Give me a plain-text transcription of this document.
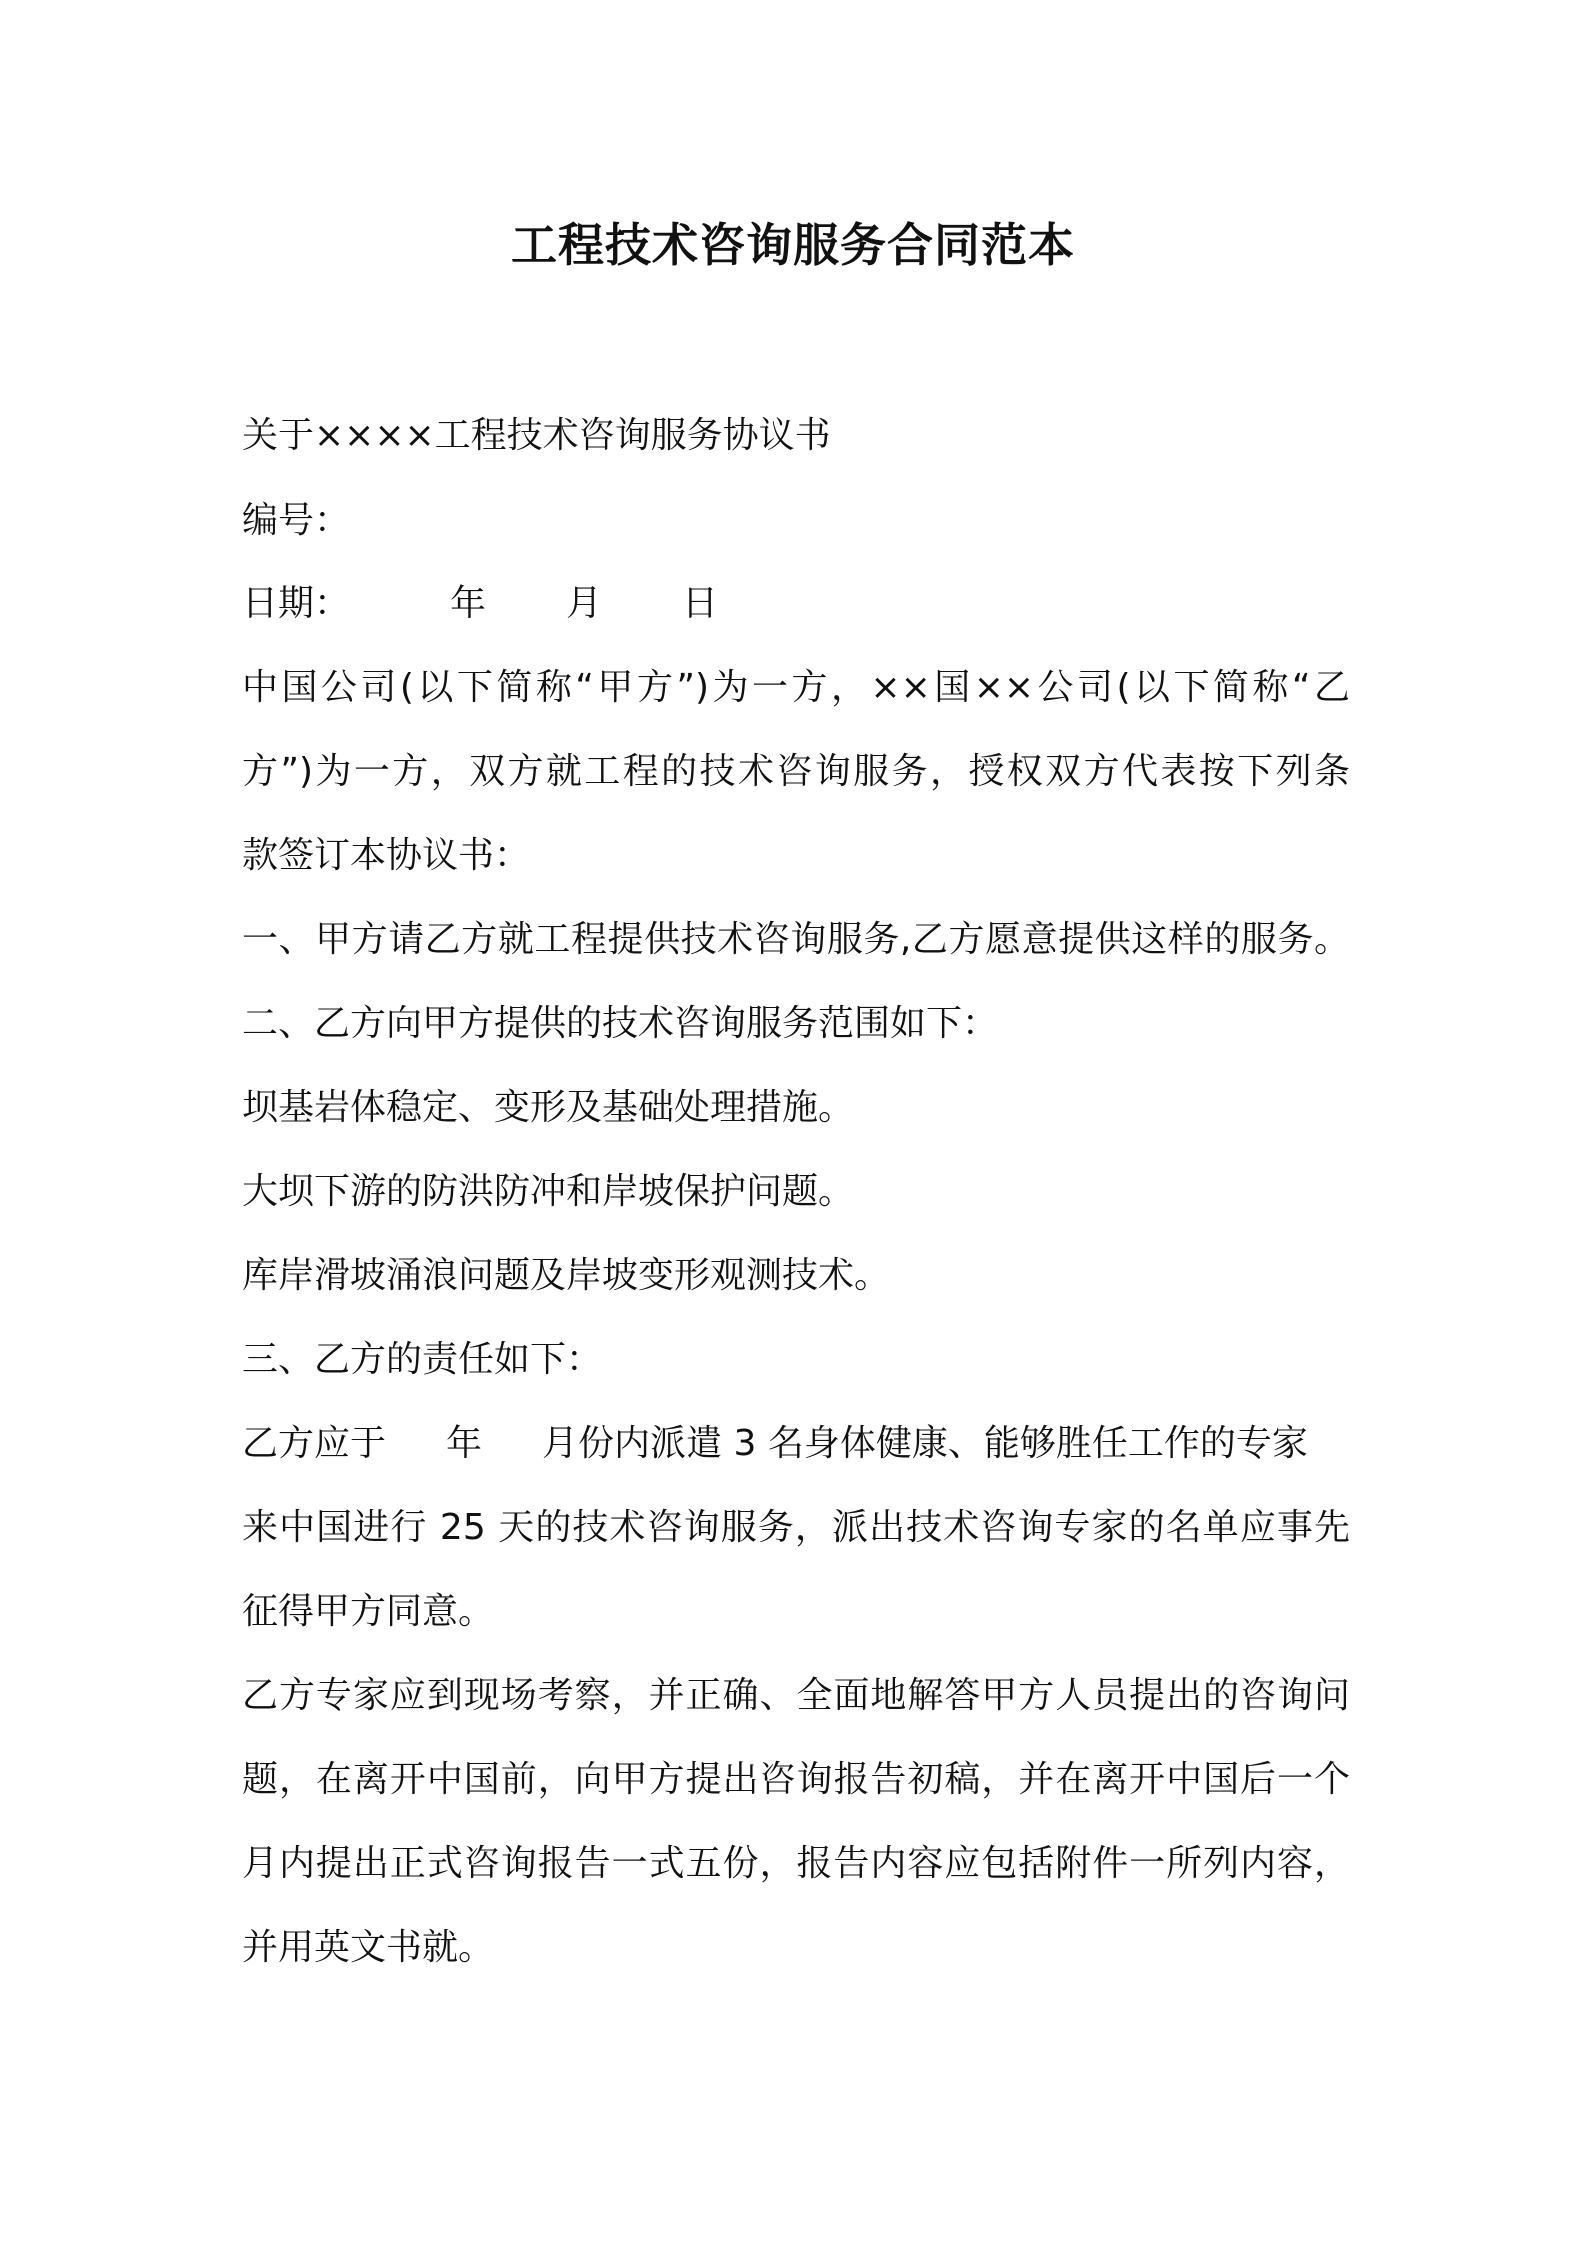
工程技术咨询服务合同范本
关于××××工程技术咨询服务协议书
编号：
日期：	年 月 日
中国公司(以下简称“甲方”)为一方，××国××公司(以下简称“乙
方”)为一方，双方就工程的技术咨询服务，授权双方代表按下列条
款签订本协议书：
一、甲方请乙方就工程提供技术咨询服务,乙方愿意提供这样的服务。
二、乙方向甲方提供的技术咨询服务范围如下：
坝基岩体稳定、变形及基础处理措施。
大坝下游的防洪防冲和岸坡保护问题。
库岸滑坡涌浪问题及岸坡变形观测技术。
三、乙方的责任如下：
乙方应于 年 月份内派遣 3 名身体健康、能够胜任工作的专家
来中国进行 25 天的技术咨询服务，派出技术咨询专家的名单应事先
征得甲方同意。
乙方专家应到现场考察，并正确、全面地解答甲方人员提出的咨询问
题，在离开中国前，向甲方提出咨询报告初稿，并在离开中国后一个
月内提出正式咨询报告一式五份，报告内容应包括附件一所列内容，
并用英文书就。
